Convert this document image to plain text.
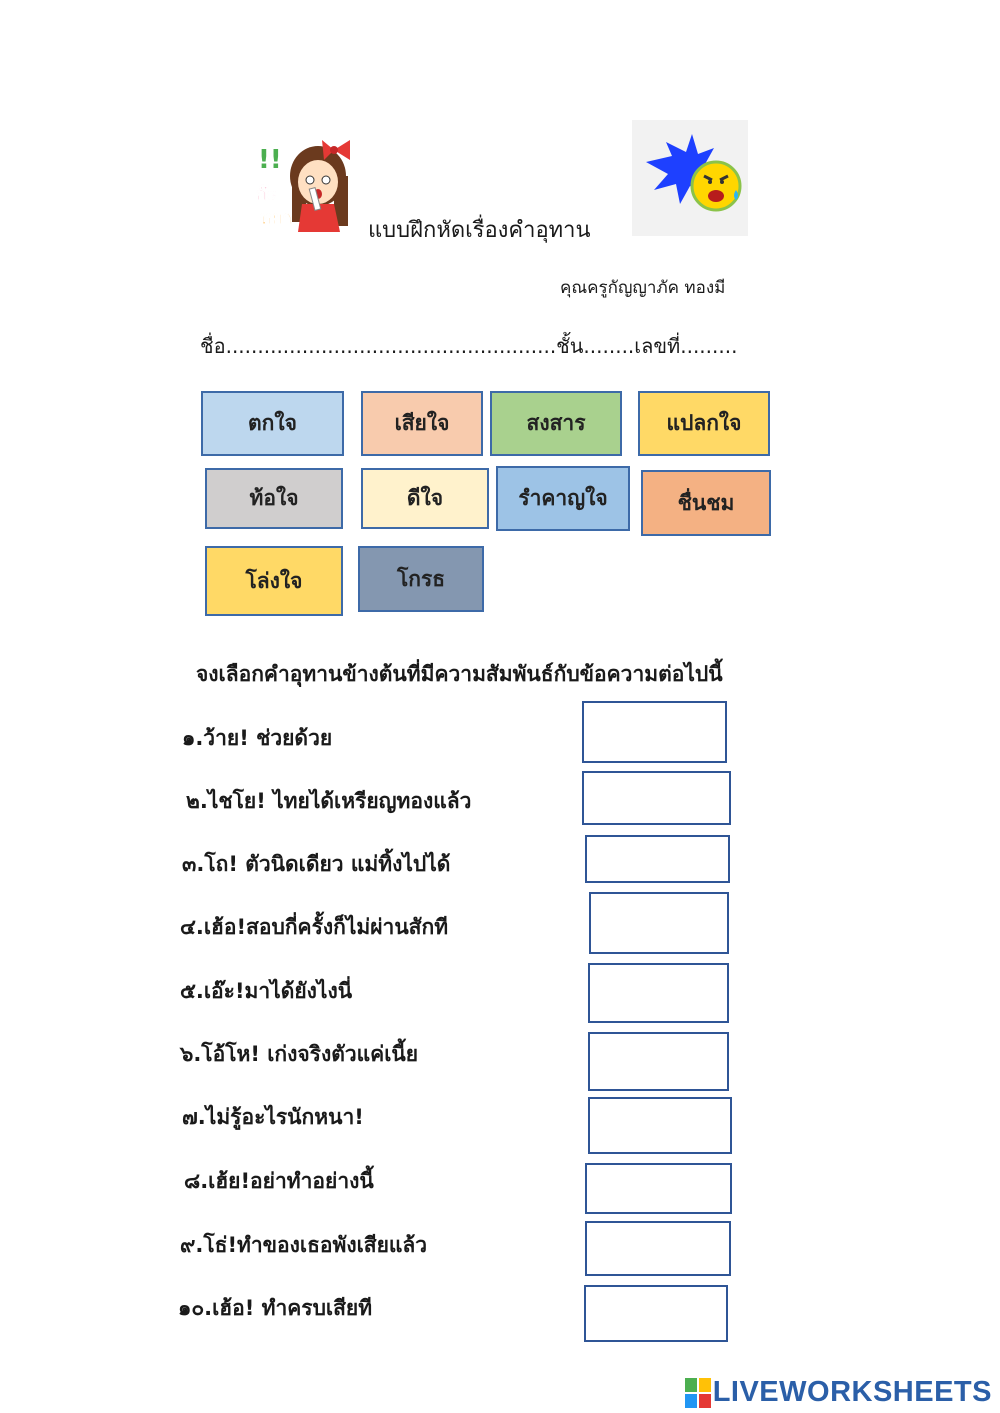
!!
อ๊ะ
หยา	แบบฝึกหัดเรื่องคำอุทาน
คุณครูกัญญาภัค ทองมี
ชื่อ....................................................ชั้น........เลขที่.........
ตกใจ	เสียใจ	สงสาร	แปลกใจ
ท้อใจ	ดีใจ	รำคาญใจ	ชื่นชม
โล่งใจ	โกรธ
จงเลือกคำอุทานข้างต้นที่มีความสัมพันธ์กับข้อความต่อไปนี้
๑.ว้าย! ช่วยด้วย
๒.ไชโย! ไทยได้เหรียญทองแล้ว
๓.โถ! ตัวนิดเดียว แม่ทิ้งไปได้
๔.เฮ้อ!สอบกี่ครั้งก็ไม่ผ่านสักที
๕.เอ๊ะ!มาได้ยังไงนี่
๖.โอ้โห! เก่งจริงตัวแค่เนี้ย
๗.ไม่รู้อะไรนักหนา!
๘.เฮ้ย!อย่าทำอย่างนี้
๙.โธ่!ทำของเธอพังเสียแล้ว
๑๐.เฮ้อ! ทำครบเสียที
LIVEWORKSHEETS
